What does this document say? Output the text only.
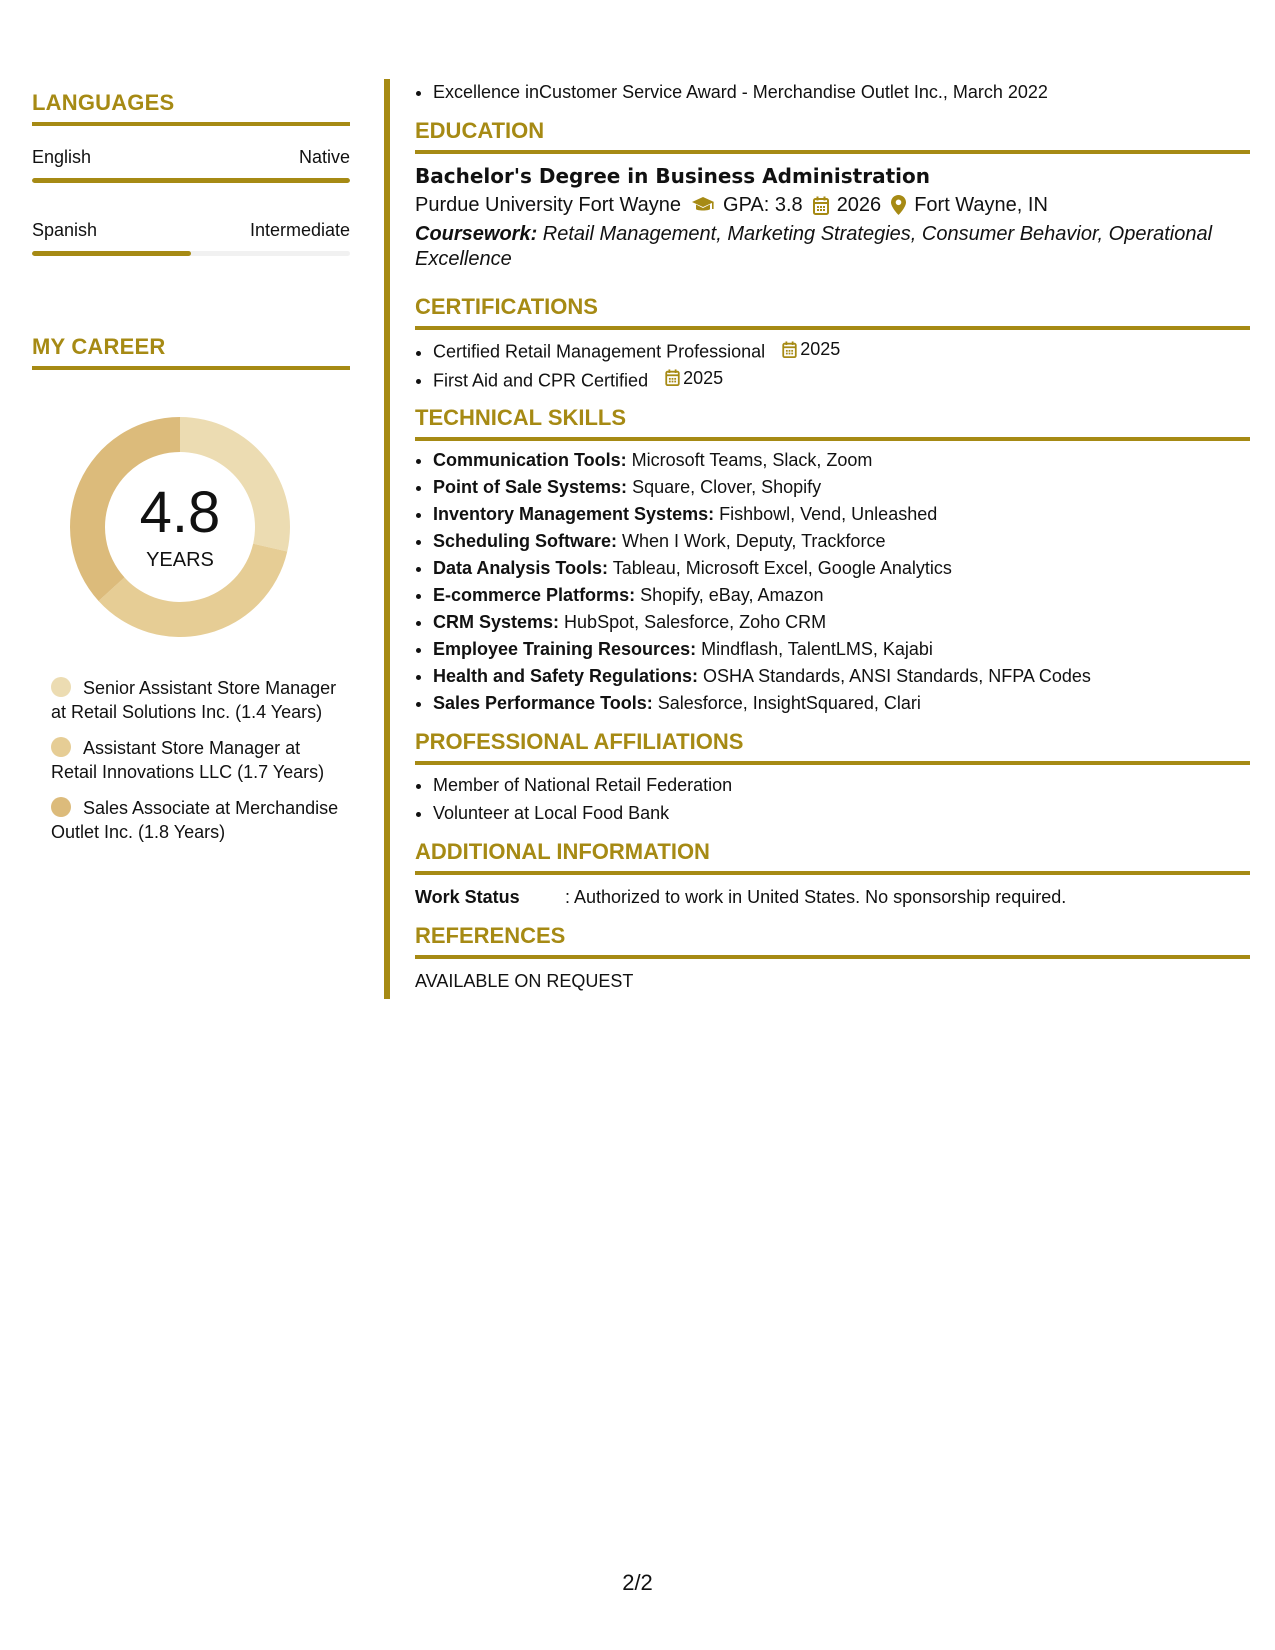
LANGUAGES
English	Native
Spanish	Intermediate
MY CAREER
4.8
YEARS
Senior Assistant Store Manager at Retail Solutions Inc. (1.4 Years)
Assistant Store Manager at Retail Innovations LLC (1.7 Years)
Sales Associate at Merchandise Outlet Inc. (1.8 Years)
• Excellence inCustomer Service Award - Merchandise Outlet Inc., March 2022
EDUCATION
Bachelor's Degree in Business Administration
Purdue University Fort Wayne GPA: 3.8 2026 Fort Wayne, IN
Coursework: Retail Management, Marketing Strategies, Consumer Behavior, Operational Excellence
CERTIFICATIONS
• Certified Retail Management Professional 2025
• First Aid and CPR Certified 2025
TECHNICAL SKILLS
• Communication Tools: Microsoft Teams, Slack, Zoom
• Point of Sale Systems: Square, Clover, Shopify
• Inventory Management Systems: Fishbowl, Vend, Unleashed
• Scheduling Software: When I Work, Deputy, Trackforce
• Data Analysis Tools: Tableau, Microsoft Excel, Google Analytics
• E-commerce Platforms: Shopify, eBay, Amazon
• CRM Systems: HubSpot, Salesforce, Zoho CRM
• Employee Training Resources: Mindflash, TalentLMS, Kajabi
• Health and Safety Regulations: OSHA Standards, ANSI Standards, NFPA Codes
• Sales Performance Tools: Salesforce, InsightSquared, Clari
PROFESSIONAL AFFILIATIONS
• Member of National Retail Federation
• Volunteer at Local Food Bank
ADDITIONAL INFORMATION
Work Status	: Authorized to work in United States. No sponsorship required.
REFERENCES
AVAILABLE ON REQUEST
2/2
